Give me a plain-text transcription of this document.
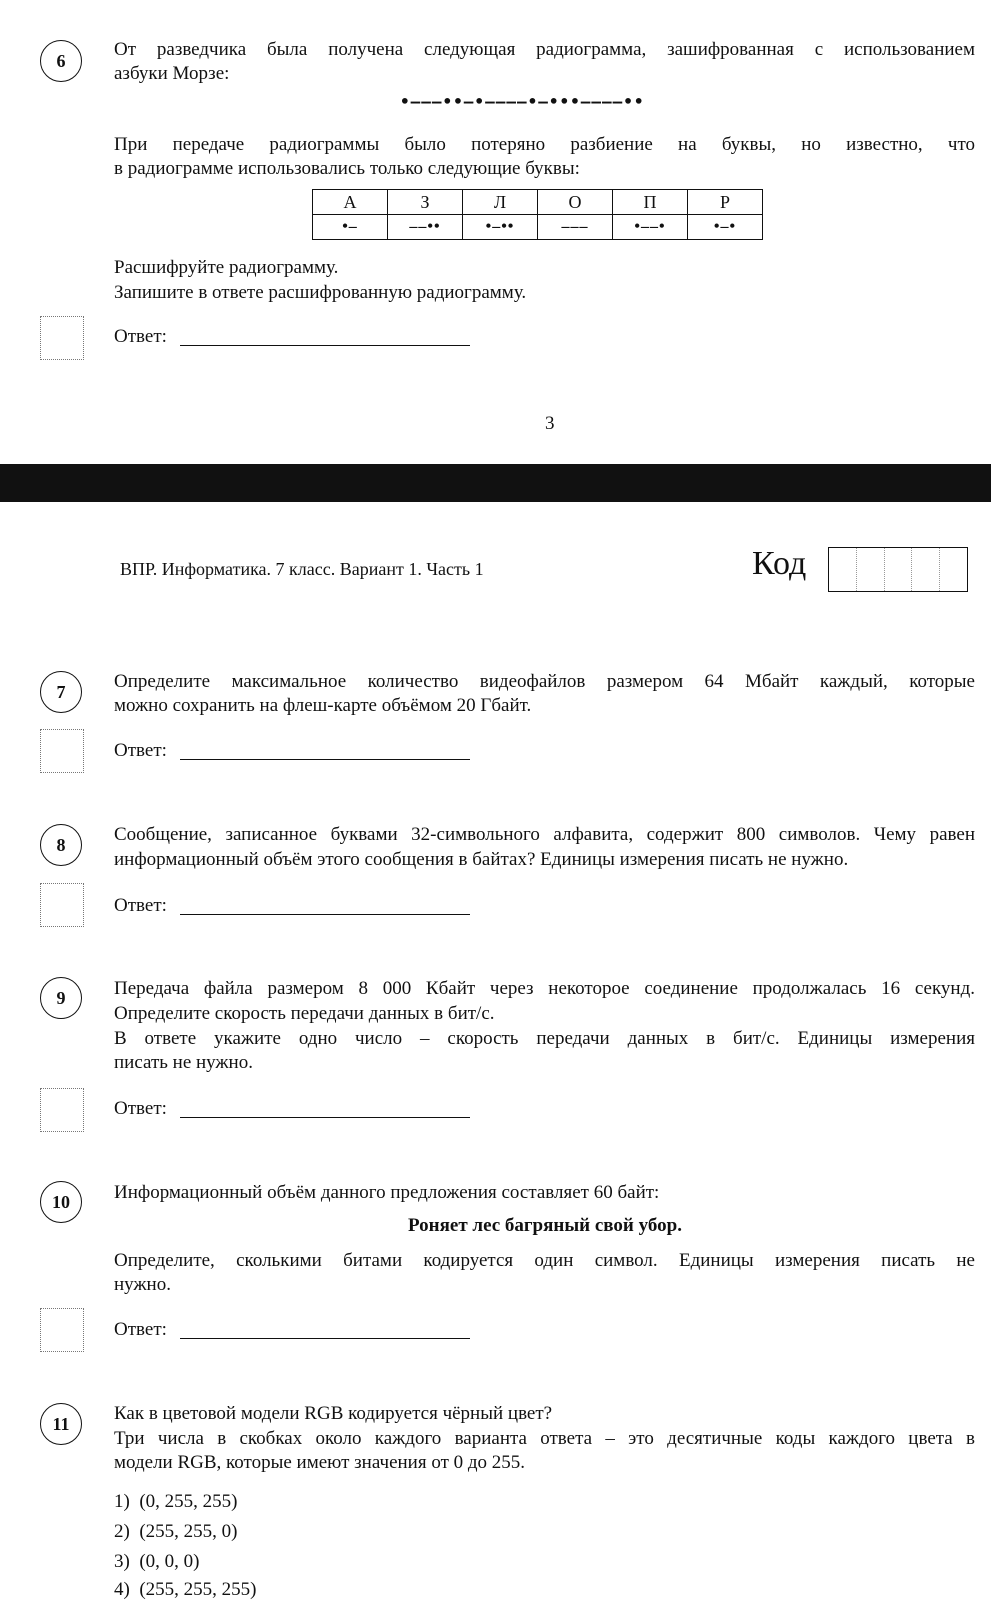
6
От разведчика была получена следующая радиограмма, зашифрованная с использованием
азбуки Морзе:
•–––••–•––––•–•••––––••
При передаче радиограммы было потеряно разбиение на буквы, но известно, что
в радиограмме использовались только следующие буквы:
А	З	Л	О	П	Р
•–	––••	•–••	–––	•––•	•–•
Расшифруйте радиограмму.
Запишите в ответе расшифрованную радиограмму.
Ответ:
3
ВПР. Информатика. 7 класс. Вариант 1. Часть 1	Код
7	Определите максимальное количество видеофайлов размером 64 Мбайт каждый, которые
можно сохранить на флеш-карте объёмом 20 Гбайт.
Ответ:
8	Сообщение, записанное буквами 32-символьного алфавита, содержит 800 символов. Чему равен
информационный объём этого сообщения в байтах? Единицы измерения писать не нужно.
Ответ:
9	Передача файла размером 8 000 Кбайт через некоторое соединение продолжалась 16 секунд.
Определите скорость передачи данных в бит/с.
В ответе укажите одно число – скорость передачи данных в бит/с. Единицы измерения
писать не нужно.
Ответ:
10 Информационный объём данного предложения составляет 60 байт:
Роняет лес багряный свой убор.
Определите, сколькими битами кодируется один символ. Единицы измерения писать не
нужно.
Ответ:
11 Как в цветовой модели RGB кодируется чёрный цвет?
Три числа в скобках около каждого варианта ответа – это десятичные коды каждого цвета в
модели RGB, которые имеют значения от 0 до 255.
1) (0, 255, 255)
2) (255, 255, 0)
3) (0, 0, 0)
4) (255, 255, 255)
